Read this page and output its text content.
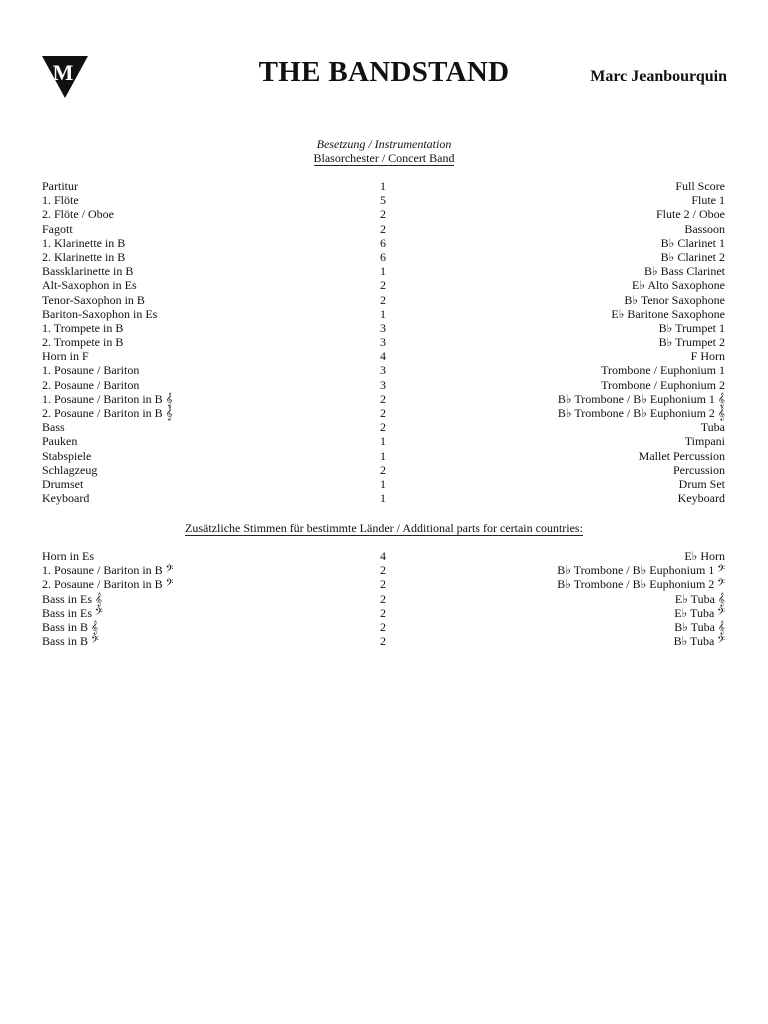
M	THE BANDSTAND	Marc Jeanbourquin
Besetzung / Instrumentation
Blasorchester / Concert Band
Partitur	1	Full Score
1. Flöte	5	Flute 1
2. Flöte / Oboe	2	Flute 2 / Oboe
Fagott	2	Bassoon
1. Klarinette in B	6	B♭ Clarinet 1
2. Klarinette in B	6	B♭ Clarinet 2
Bassklarinette in B	1	B♭ Bass Clarinet
Alt-Saxophon in Es	2	E♭ Alto Saxophone
Tenor-Saxophon in B	2	B♭ Tenor Saxophone
Bariton-Saxophon in Es	1	E♭ Baritone Saxophone
1. Trompete in B	3	B♭ Trumpet 1
2. Trompete in B	3	B♭ Trumpet 2
Horn in F	4	F Horn
1. Posaune / Bariton	3	Trombone / Euphonium 1
2. Posaune / Bariton	3	Trombone / Euphonium 2
1. Posaune / Bariton in B 𝄞	2	B♭ Trombone / B♭ Euphonium 1 𝄞
2. Posaune / Bariton in B 𝄞	2	B♭ Trombone / B♭ Euphonium 2 𝄞
Bass	2	Tuba
Pauken	1	Timpani
Stabspiele	1	Mallet Percussion
Schlagzeug	2	Percussion
Drumset	1	Drum Set
Keyboard	1	Keyboard
Zusätzliche Stimmen für bestimmte Länder / Additional parts for certain countries:
Horn in Es	4	E♭ Horn
1. Posaune / Bariton in B 𝄢	2	B♭ Trombone / B♭ Euphonium 1 𝄢
2. Posaune / Bariton in B 𝄢	2	B♭ Trombone / B♭ Euphonium 2 𝄢
Bass in Es 𝄞	2	E♭ Tuba 𝄞
Bass in Es 𝄢	2	E♭ Tuba 𝄢
Bass in B 𝄞	2	B♭ Tuba 𝄞
Bass in B 𝄢	2	B♭ Tuba 𝄢
